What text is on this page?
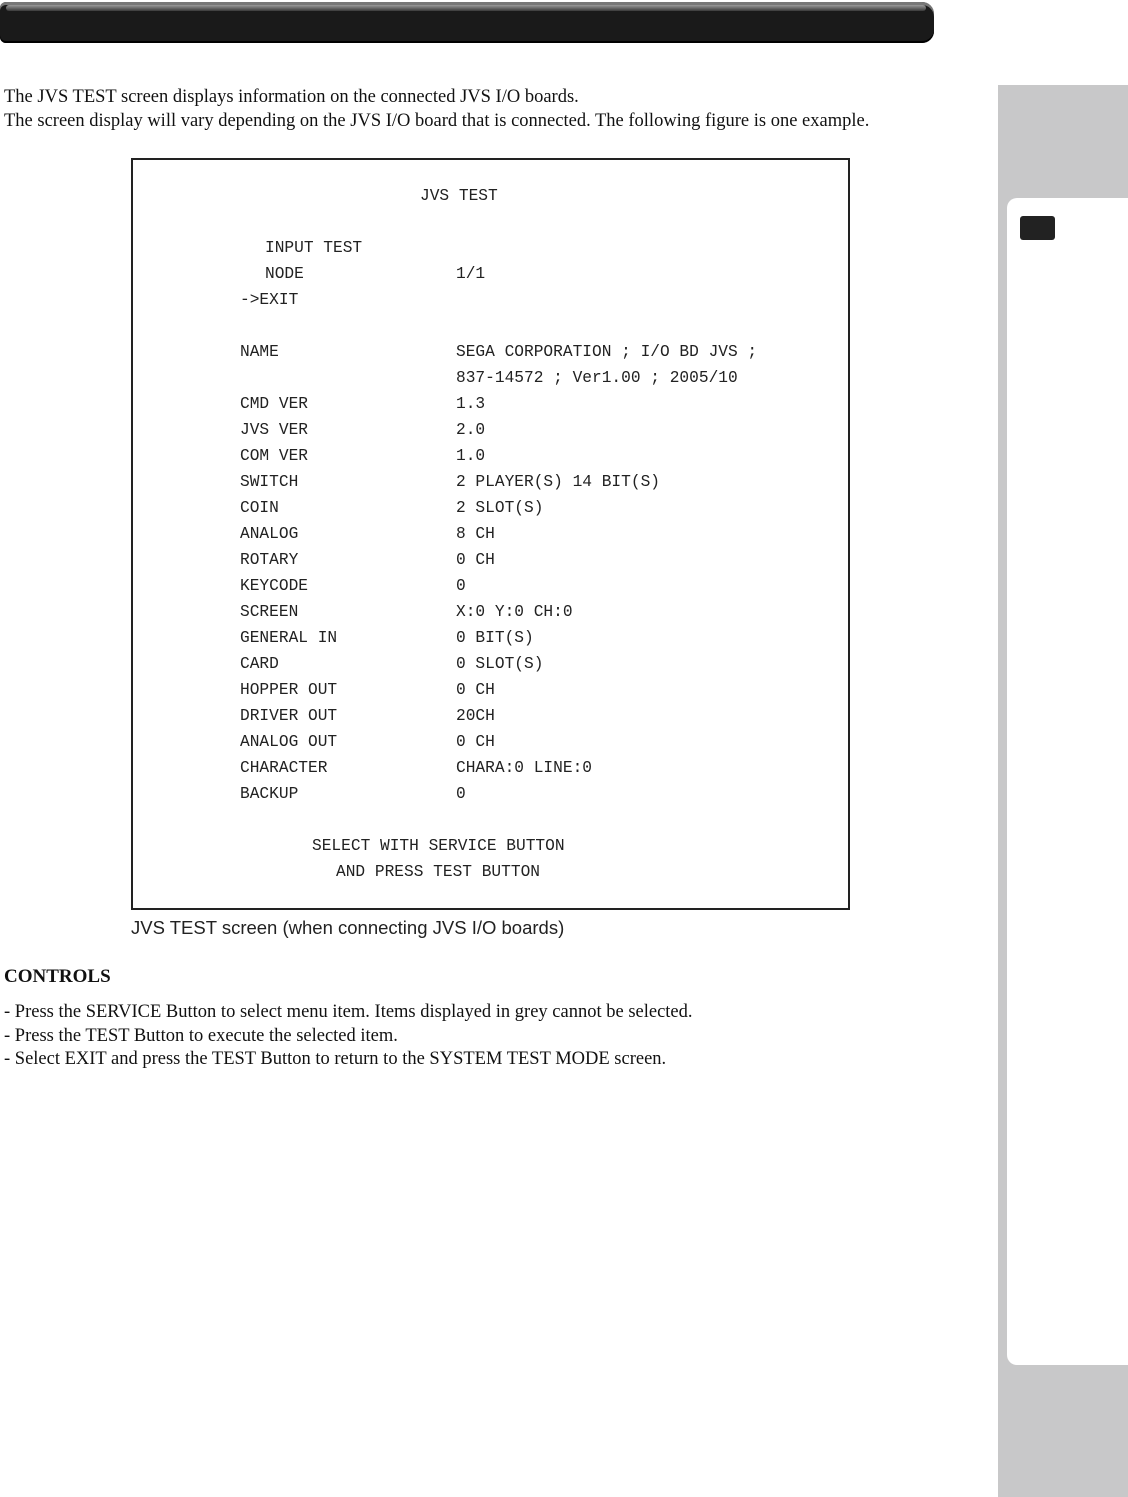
The JVS TEST screen displays information on the connected JVS I/O boards.

The screen display will vary depending on the JVS I/O board that is connected. The following figure is one example.

JVS TEST
INPUT TEST
NODE	1/1
->EXIT
NAME	SEGA CORPORATION ; I/O BD JVS ;
837-14572 ; Ver1.00 ; 2005/10
CMD VER	1.3
JVS VER	2.0
COM VER	1.0
SWITCH	2 PLAYER(S) 14 BIT(S)
COIN	2 SLOT(S)
ANALOG	8 CH
ROTARY	0 CH
KEYCODE	0
SCREEN	X:0 Y:0 CH:0
GENERAL IN	0 BIT(S)
CARD	0 SLOT(S)
HOPPER OUT	0 CH
DRIVER OUT	20CH
ANALOG OUT	0 CH
CHARACTER	CHARA:0 LINE:0
BACKUP	0
SELECT WITH SERVICE BUTTON
AND PRESS TEST BUTTON
JVS TEST screen (when connecting JVS I/O boards)
CONTROLS
- Press the SERVICE Button to select menu item. Items displayed in grey cannot be selected.
- Press the TEST Button to execute the selected item.
- Select EXIT and press the TEST Button to return to the SYSTEM TEST MODE screen.
